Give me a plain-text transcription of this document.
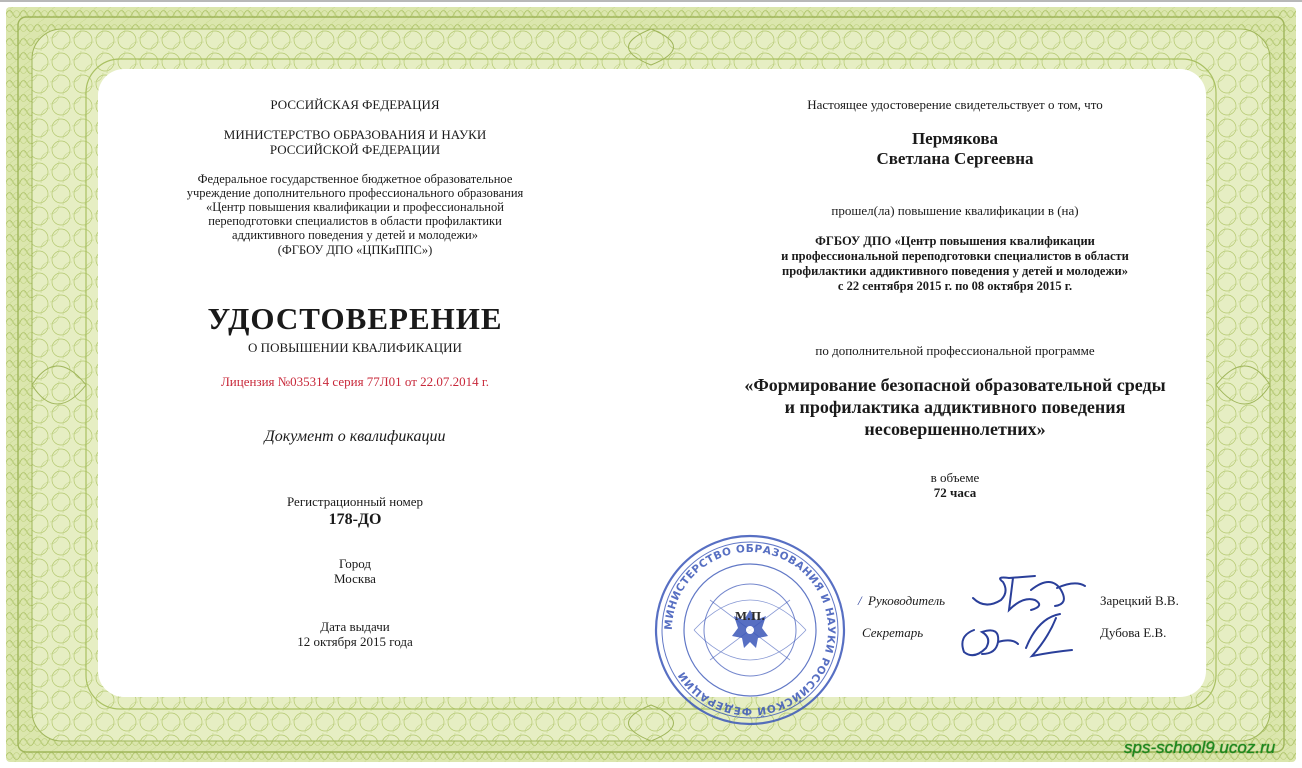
РОССИЙСКАЯ ФЕДЕРАЦИЯ
МИНИСТЕРСТВО ОБРАЗОВАНИЯ И НАУКИ
РОССИЙСКОЙ ФЕДЕРАЦИИ
Федеральное государственное бюджетное образовательное
учреждение дополнительного профессионального образования
«Центр повышения квалификации и профессиональной
переподготовки специалистов в области профилактики
аддиктивного поведения у детей и молодежи»
(ФГБОУ ДПО «ЦПКиППС»)
УДОСТОВЕРЕНИЕ
О ПОВЫШЕНИИ КВАЛИФИКАЦИИ
Лицензия №035314 серия 77Л01 от 22.07.2014 г.
Документ о квалификации
Регистрационный номер
178-ДО
Город
Москва
Дата выдачи
12 октября 2015 года
Настоящее удостоверение свидетельствует о том, что
Пермякова
Светлана Сергеевна
прошел(ла) повышение квалификации в (на)
ФГБОУ ДПО «Центр повышения квалификации
и профессиональной переподготовки специалистов в области
профилактики аддиктивного поведения у детей и молодежи»
с 22 сентября 2015 г. по 08 октября 2015 г.
по дополнительной профессиональной программе
«Формирование безопасной образовательной среды
и профилактика аддиктивного поведения
несовершеннолетних»
в объеме
72 часа
МИНИСТЕРСТВО ОБРАЗОВАНИЯ И НАУКИ РОССИЙСКОЙ ФЕДЕРАЦИИ
М.П.
/ Руководитель	Зарецкий В.В.
Секретарь	Дубова Е.В.
sps-school9.ucoz.ru
